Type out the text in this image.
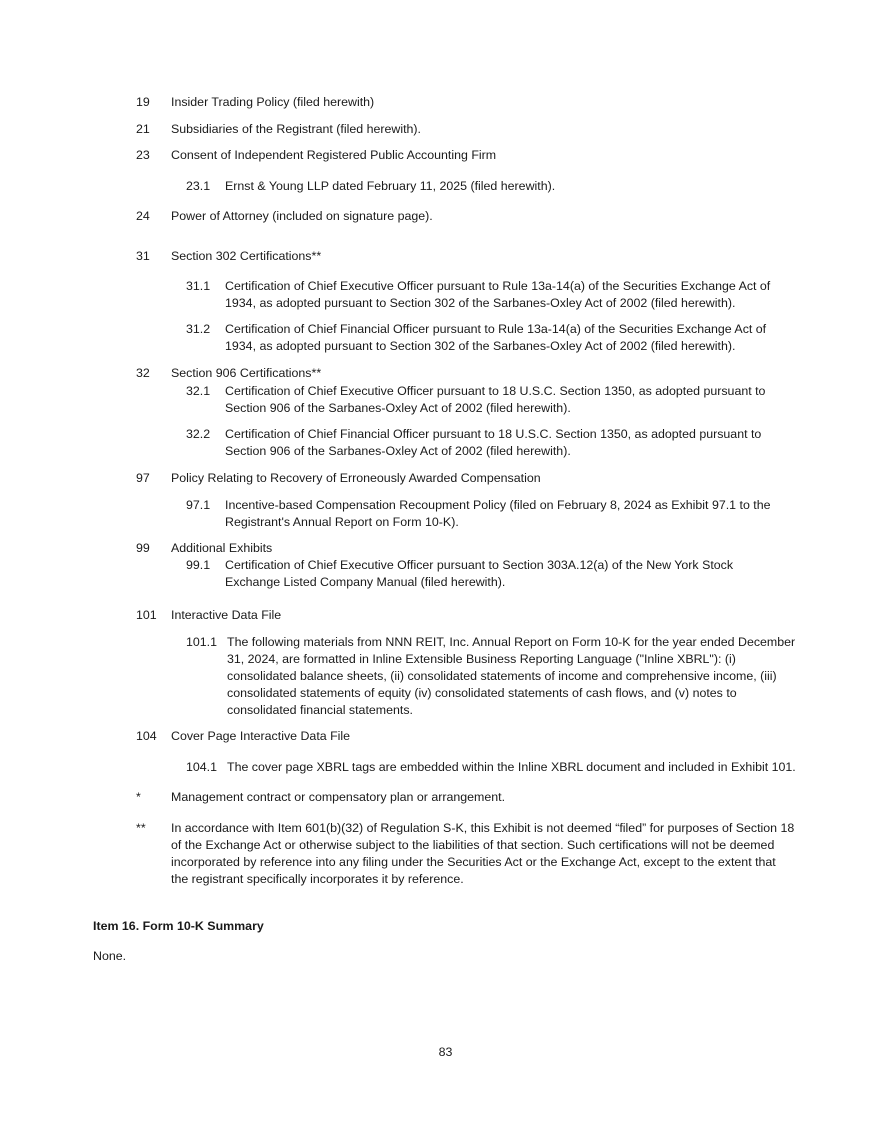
19 Insider Trading Policy (filed herewith)
21 Subsidiaries of the Registrant (filed herewith).
23 Consent of Independent Registered Public Accounting Firm
23.1 Ernst & Young LLP dated February 11, 2025 (filed herewith).
24 Power of Attorney (included on signature page).
31 Section 302 Certifications**
31.1 Certification of Chief Executive Officer pursuant to Rule 13a-14(a) of the Securities Exchange Act of 1934, as adopted pursuant to Section 302 of the Sarbanes-Oxley Act of 2002 (filed herewith).
31.2 Certification of Chief Financial Officer pursuant to Rule 13a-14(a) of the Securities Exchange Act of 1934, as adopted pursuant to Section 302 of the Sarbanes-Oxley Act of 2002 (filed herewith).
32 Section 906 Certifications**
32.1 Certification of Chief Executive Officer pursuant to 18 U.S.C. Section 1350, as adopted pursuant to Section 906 of the Sarbanes-Oxley Act of 2002 (filed herewith).
32.2 Certification of Chief Financial Officer pursuant to 18 U.S.C. Section 1350, as adopted pursuant to Section 906 of the Sarbanes-Oxley Act of 2002 (filed herewith).
97 Policy Relating to Recovery of Erroneously Awarded Compensation
97.1 Incentive-based Compensation Recoupment Policy (filed on February 8, 2024 as Exhibit 97.1 to the Registrant's Annual Report on Form 10-K).
99 Additional Exhibits
99.1 Certification of Chief Executive Officer pursuant to Section 303A.12(a) of the New York Stock Exchange Listed Company Manual (filed herewith).
101 Interactive Data File
101.1 The following materials from NNN REIT, Inc. Annual Report on Form 10-K for the year ended December 31, 2024, are formatted in Inline Extensible Business Reporting Language ("Inline XBRL"): (i) consolidated balance sheets, (ii) consolidated statements of income and comprehensive income, (iii) consolidated statements of equity (iv) consolidated statements of cash flows, and (v) notes to consolidated financial statements.
104 Cover Page Interactive Data File
104.1 The cover page XBRL tags are embedded within the Inline XBRL document and included in Exhibit 101.
* Management contract or compensatory plan or arrangement.
** In accordance with Item 601(b)(32) of Regulation S-K, this Exhibit is not deemed “filed” for purposes of Section 18 of the Exchange Act or otherwise subject to the liabilities of that section. Such certifications will not be deemed incorporated by reference into any filing under the Securities Act or the Exchange Act, except to the extent that the registrant specifically incorporates it by reference.
Item 16. Form 10-K Summary
None.
83
